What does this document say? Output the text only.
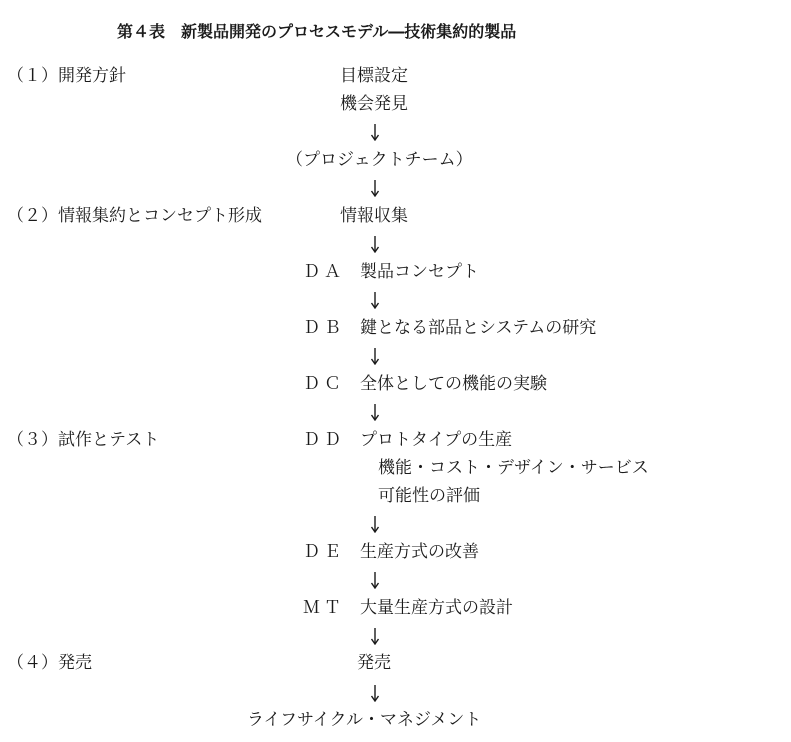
第４表　新製品開発のプロセスモデル―技術集約的製品
（１）開発方針
（２）情報集約とコンセプト形成
（３）試作とテスト
（４）発売
目標設定
機会発見
（プロジェクトチーム）
情報収集
ＤＡ 製品コンセプト
ＤＢ 鍵となる部品とシステムの研究
ＤＣ 全体としての機能の実験
ＤＤ プロトタイプの生産
機能・コスト・デザイン・サービス
可能性の評価
ＤＥ 生産方式の改善
ＭＴ 大量生産方式の設計
発売
ライフサイクル・マネジメント
